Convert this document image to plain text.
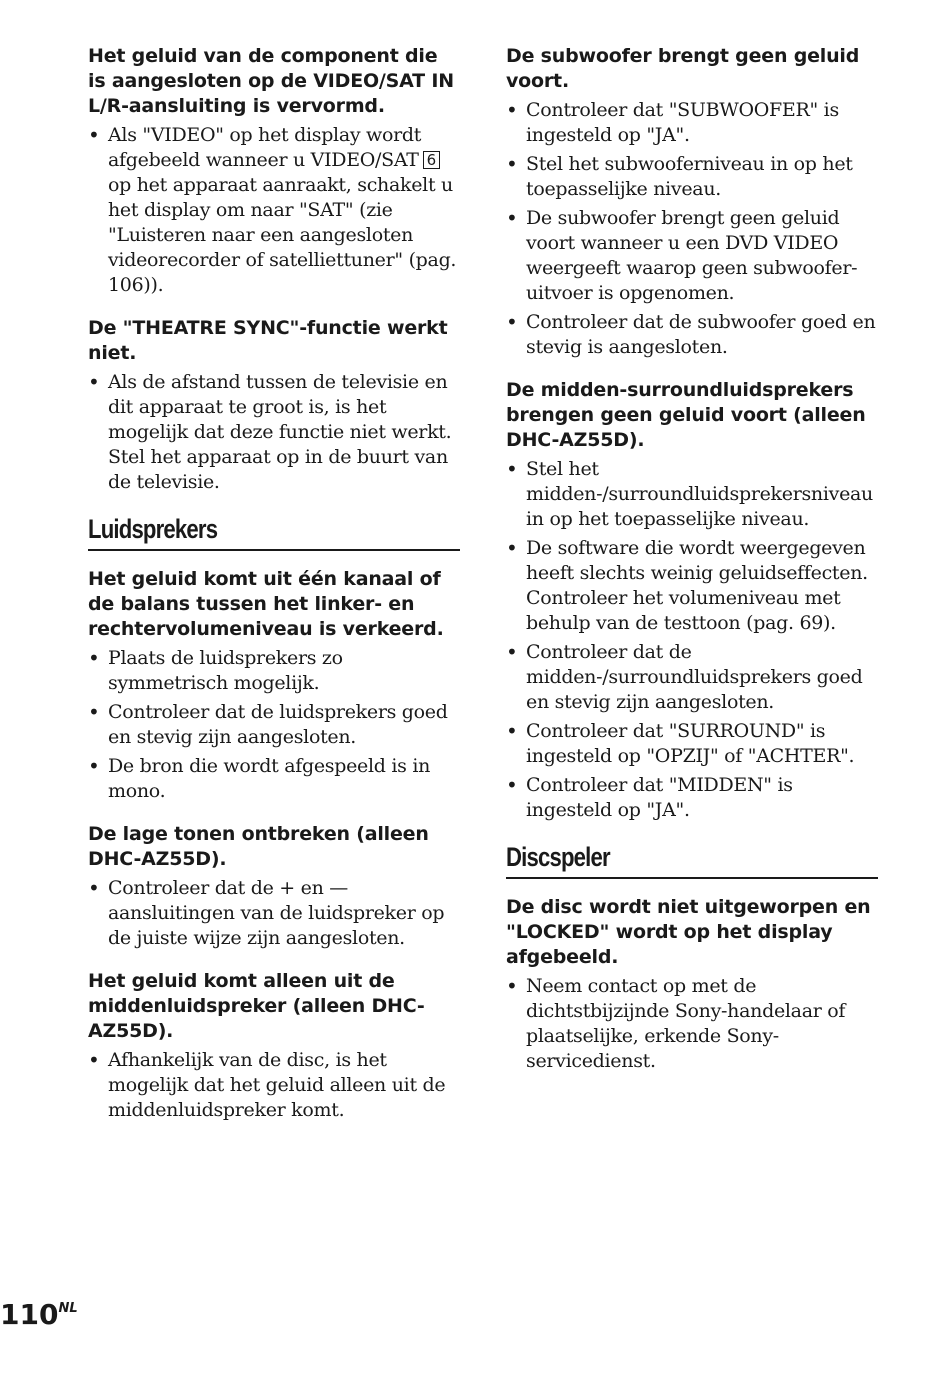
Het geluid van de component die is aangesloten op de VIDEO/SAT IN L/R-aansluiting is vervormd.
• Als "VIDEO" op het display wordt afgebeeld wanneer u VIDEO/SAT 6 op het apparaat aanraakt, schakelt u het display om naar "SAT" (zie "Luisteren naar een aangesloten videorecorder of satelliettuner" (pag. 106)).
De "THEATRE SYNC"-functie werkt niet.
• Als de afstand tussen de televisie en dit apparaat te groot is, is het mogelijk dat deze functie niet werkt. Stel het apparaat op in de buurt van de televisie.
Luidsprekers
Het geluid komt uit één kanaal of de balans tussen het linker- en rechtervolumeniveau is verkeerd.
• Plaats de luidsprekers zo symmetrisch mogelijk.
• Controleer dat de luidsprekers goed en stevig zijn aangesloten.
• De bron die wordt afgespeeld is in mono.
De lage tonen ontbreken (alleen DHC-AZ55D).
• Controleer dat de + en — aansluitingen van de luidspreker op de juiste wijze zijn aangesloten.
Het geluid komt alleen uit de middenluidspreker (alleen DHC-AZ55D).
• Afhankelijk van de disc, is het mogelijk dat het geluid alleen uit de middenluidspreker komt.
De subwoofer brengt geen geluid voort.
• Controleer dat "SUBWOOFER" is ingesteld op "JA".
• Stel het subwooferniveau in op het toepasselijke niveau.
• De subwoofer brengt geen geluid voort wanneer u een DVD VIDEO weergeeft waarop geen subwoofer-uitvoer is opgenomen.
• Controleer dat de subwoofer goed en stevig is aangesloten.
De midden-surroundluidsprekers brengen geen geluid voort (alleen DHC-AZ55D).
• Stel het midden-/surroundluidsprekersniveau in op het toepasselijke niveau.
• De software die wordt weergegeven heeft slechts weinig geluidseffecten. Controleer het volumeniveau met behulp van de testtoon (pag. 69).
• Controleer dat de midden-/surroundluidsprekers goed en stevig zijn aangesloten.
• Controleer dat "SURROUND" is ingesteld op "OPZIJ" of "ACHTER".
• Controleer dat "MIDDEN" is ingesteld op "JA".
Discspeler
De disc wordt niet uitgeworpen en "LOCKED" wordt op het display afgebeeld.
• Neem contact op met de dichtstbijzijnde Sony-handelaar of plaatselijke, erkende Sony-servicedienst.
$110^{NL}$
